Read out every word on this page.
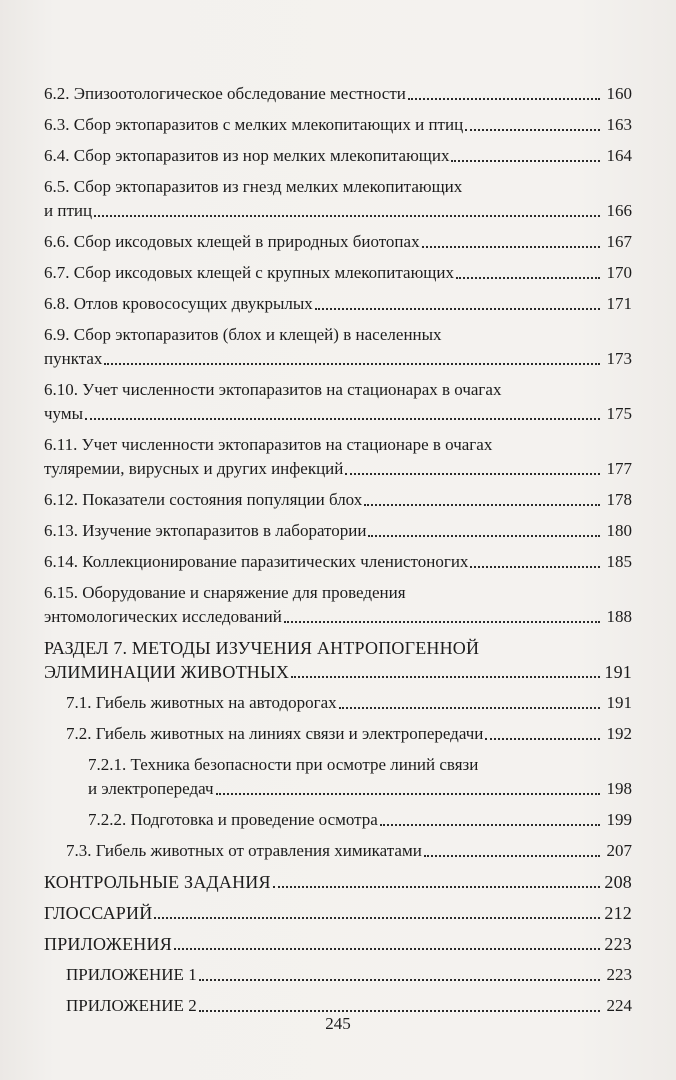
6.2. Эпизоотологическое обследование местности	160
6.3. Сбор эктопаразитов с мелких млекопитающих и птиц	163
6.4. Сбор эктопаразитов из нор мелких млекопитающих	164
6.5. Сбор эктопаразитов из гнезд мелких млекопитающих
и птиц	166
6.6. Сбор иксодовых клещей в природных биотопах	167
6.7. Сбор иксодовых клещей с крупных млекопитающих	170
6.8. Отлов кровососущих двукрылых	171
6.9. Сбор эктопаразитов (блох и клещей) в населенных
пунктах	173
6.10. Учет численности эктопаразитов на стационарах в очагах
чумы	175
6.11. Учет численности эктопаразитов на стационаре в очагах
туляремии, вирусных и других инфекций	177
6.12. Показатели состояния популяции блох	178
6.13. Изучение эктопаразитов в лаборатории	180
6.14. Коллекционирование паразитических членистоногих	185
6.15. Оборудование и снаряжение для проведения
энтомологических исследований	188
РАЗДЕЛ 7. МЕТОДЫ ИЗУЧЕНИЯ АНТРОПОГЕННОЙ
ЭЛИМИНАЦИИ ЖИВОТНЫХ	191
7.1. Гибель животных на автодорогах	191
7.2. Гибель животных на линиях связи и электропередачи	192
7.2.1. Техника безопасности при осмотре линий связи
и электропередач	198
7.2.2. Подготовка и проведение осмотра	199
7.3. Гибель животных от отравления химикатами	207
КОНТРОЛЬНЫЕ ЗАДАНИЯ	208
ГЛОССАРИЙ	212
ПРИЛОЖЕНИЯ	223
ПРИЛОЖЕНИЕ 1	223
ПРИЛОЖЕНИЕ 2	224
245
